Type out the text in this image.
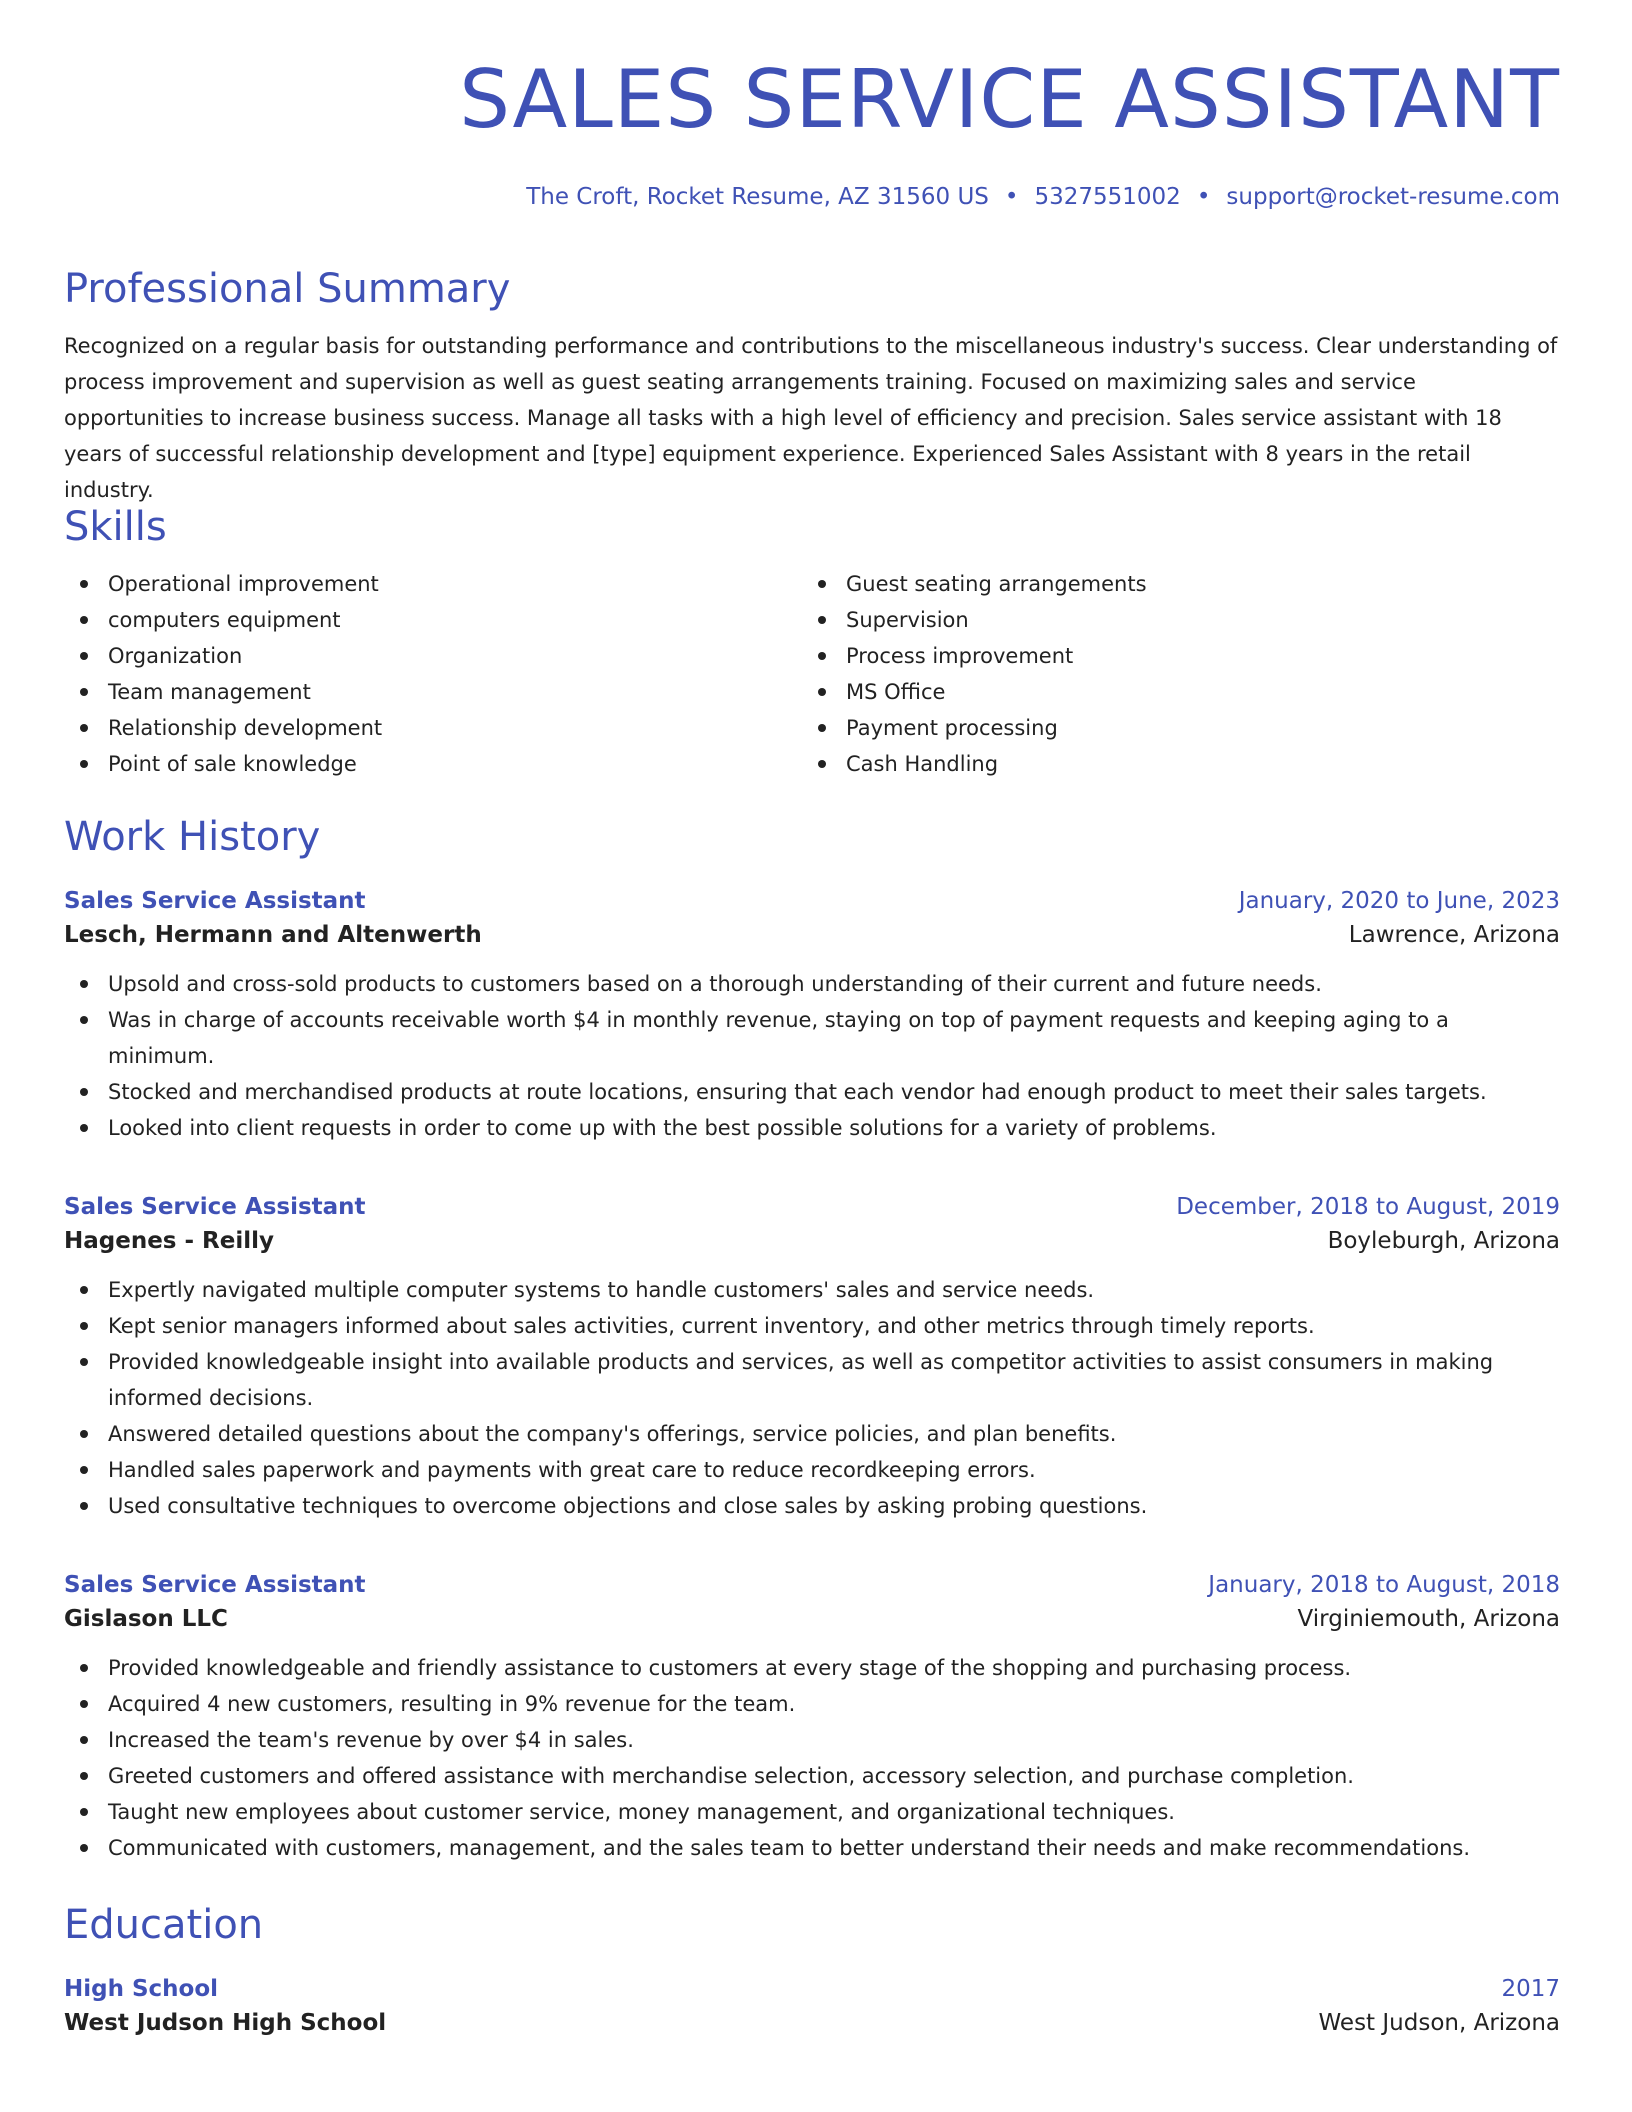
SALES SERVICE ASSISTANT
The Croft, Rocket Resume, AZ 31560 US • 5327551002 • support@rocket-resume.com
Professional Summary

Recognized on a regular basis for outstanding performance and contributions to the miscellaneous industry's success. Clear understanding of process improvement and supervision as well as guest seating arrangements training. Focused on maximizing sales and service opportunities to increase business success. Manage all tasks with a high level of efficiency and precision. Sales service assistant with 18 years of successful relationship development and [type] equipment experience. Experienced Sales Assistant with 8 years in the retail industry.

Skills
Operational improvement
computers equipment
Organization
Team management
Relationship development
Point of sale knowledge
Guest seating arrangements
Supervision
Process improvement
MS Office
Payment processing
Cash Handling
Work History
Sales Service Assistant	January, 2020 to June, 2023
Lesch, Hermann and Altenwerth	Lawrence, Arizona
Upsold and cross-sold products to customers based on a thorough understanding of their current and future needs.
Was in charge of accounts receivable worth $4 in monthly revenue, staying on top of payment requests and keeping aging to a minimum.
Stocked and merchandised products at route locations, ensuring that each vendor had enough product to meet their sales targets.
Looked into client requests in order to come up with the best possible solutions for a variety of problems.
Sales Service Assistant	December, 2018 to August, 2019
Hagenes - Reilly	Boyleburgh, Arizona
Expertly navigated multiple computer systems to handle customers' sales and service needs.
Kept senior managers informed about sales activities, current inventory, and other metrics through timely reports.
Provided knowledgeable insight into available products and services, as well as competitor activities to assist consumers in making informed decisions.
Answered detailed questions about the company's offerings, service policies, and plan benefits.
Handled sales paperwork and payments with great care to reduce recordkeeping errors.
Used consultative techniques to overcome objections and close sales by asking probing questions.
Sales Service Assistant	January, 2018 to August, 2018
Gislason LLC	Virginiemouth, Arizona
Provided knowledgeable and friendly assistance to customers at every stage of the shopping and purchasing process.
Acquired 4 new customers, resulting in 9% revenue for the team.
Increased the team's revenue by over $4 in sales.
Greeted customers and offered assistance with merchandise selection, accessory selection, and purchase completion.
Taught new employees about customer service, money management, and organizational techniques.
Communicated with customers, management, and the sales team to better understand their needs and make recommendations.
Education
High School	2017
West Judson High School	West Judson, Arizona
